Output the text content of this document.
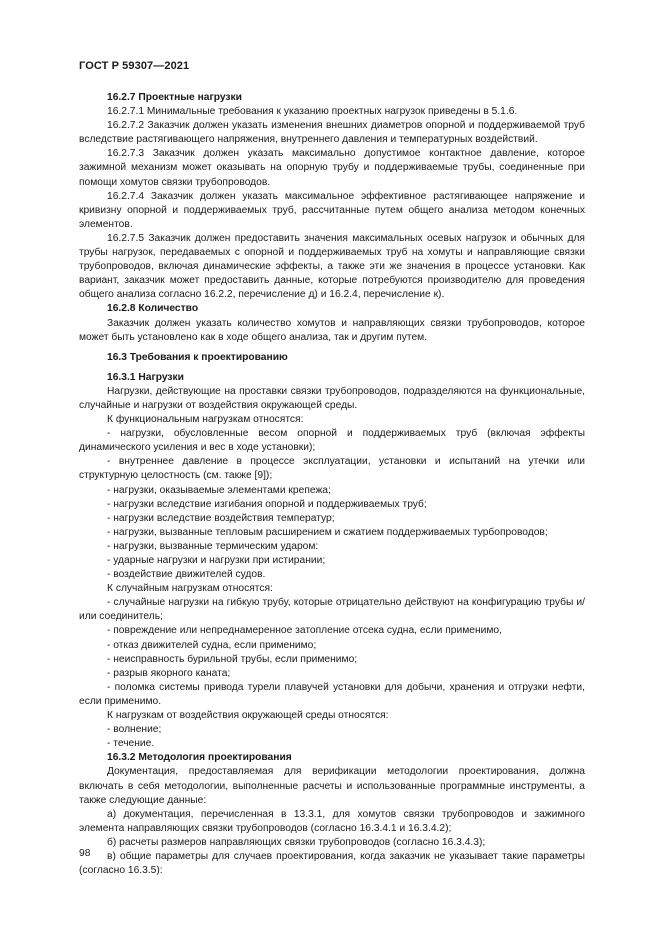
ГОСТ Р 59307—2021

16.2.7 Проектные нагрузки

16.2.7.1 Минимальные требования к указанию проектных нагрузок приведены в 5.1.6.

16.2.7.2 Заказчик должен указать изменения внешних диаметров опорной и поддерживаемой труб вследствие растягивающего напряжения, внутреннего давления и температурных воздействий.

16.2.7.3 Заказчик должен указать максимально допустимое контактное давление, которое зажимной механизм может оказывать на опорную трубу и поддерживаемые трубы, соединенные при помощи хомутов связки трубопроводов.

16.2.7.4 Заказчик должен указать максимальное эффективное растягивающее напряжение и кривизну опорной и поддерживаемых труб, рассчитанные путем общего анализа методом конечных элементов.

16.2.7.5 Заказчик должен предоставить значения максимальных осевых нагрузок и обычных для трубы нагрузок, передаваемых с опорной и поддерживаемых труб на хомуты и направляющие связки трубопроводов, включая динамические эффекты, а также эти же значения в процессе установки. Как вариант, заказчик может предоставить данные, которые потребуются производителю для проведения общего анализа согласно 16.2.2, перечисление д) и 16.2.4, перечисление к).

16.2.8 Количество

Заказчик должен указать количество хомутов и направляющих связки трубопроводов, которое может быть установлено как в ходе общего анализа, так и другим путем.

16.3 Требования к проектированию

16.3.1 Нагрузки

Нагрузки, действующие на проставки связки трубопроводов, подразделяются на функциональные, случайные и нагрузки от воздействия окружающей среды.

К функциональным нагрузкам относятся:

- нагрузки, обусловленные весом опорной и поддерживаемых труб (включая эффекты динамического усиления и вес в ходе установки);

- внутреннее давление в процессе эксплуатации, установки и испытаний на утечки или структурную целостность (см. также [9]);

- нагрузки, оказываемые элементами крепежа;

- нагрузки вследствие изгибания опорной и поддерживаемых труб;

- нагрузки вследствие воздействия температур;

- нагрузки, вызванные тепловым расширением и сжатием поддерживаемых турбопроводов;

- нагрузки, вызванные термическим ударом:

- ударные нагрузки и нагрузки при истирании;

- воздействие движителей судов.

К случайным нагрузкам относятся:

- случайные нагрузки на гибкую трубу, которые отрицательно действуют на конфигурацию трубы и/или соединитель;

- повреждение или непреднамеренное затопление отсека судна, если применимо,

- отказ движителей судна, если применимо;

- неисправность бурильной трубы, если применимо;

- разрыв якорного каната;

- поломка системы привода турели плавучей установки для добычи, хранения и отгрузки нефти, если применимо.

К нагрузкам от воздействия окружающей среды относятся:

- волнение;

- течение.

16.3.2 Методология проектирования

Документация, предоставляемая для верификации методологии проектирования, должна включать в себя методологии, выполненные расчеты и использованные программные инструменты, а также следующие данные:

а) документация, перечисленная в 13.3.1, для хомутов связки трубопроводов и зажимного элемента направляющих связки трубопроводов (согласно 16.3.4.1 и 16.3.4.2);

б) расчеты размеров направляющих связки трубопроводов (согласно 16.3.4.3);

в) общие параметры для случаев проектирования, когда заказчик не указывает такие параметры (согласно 16.3.5):

98
